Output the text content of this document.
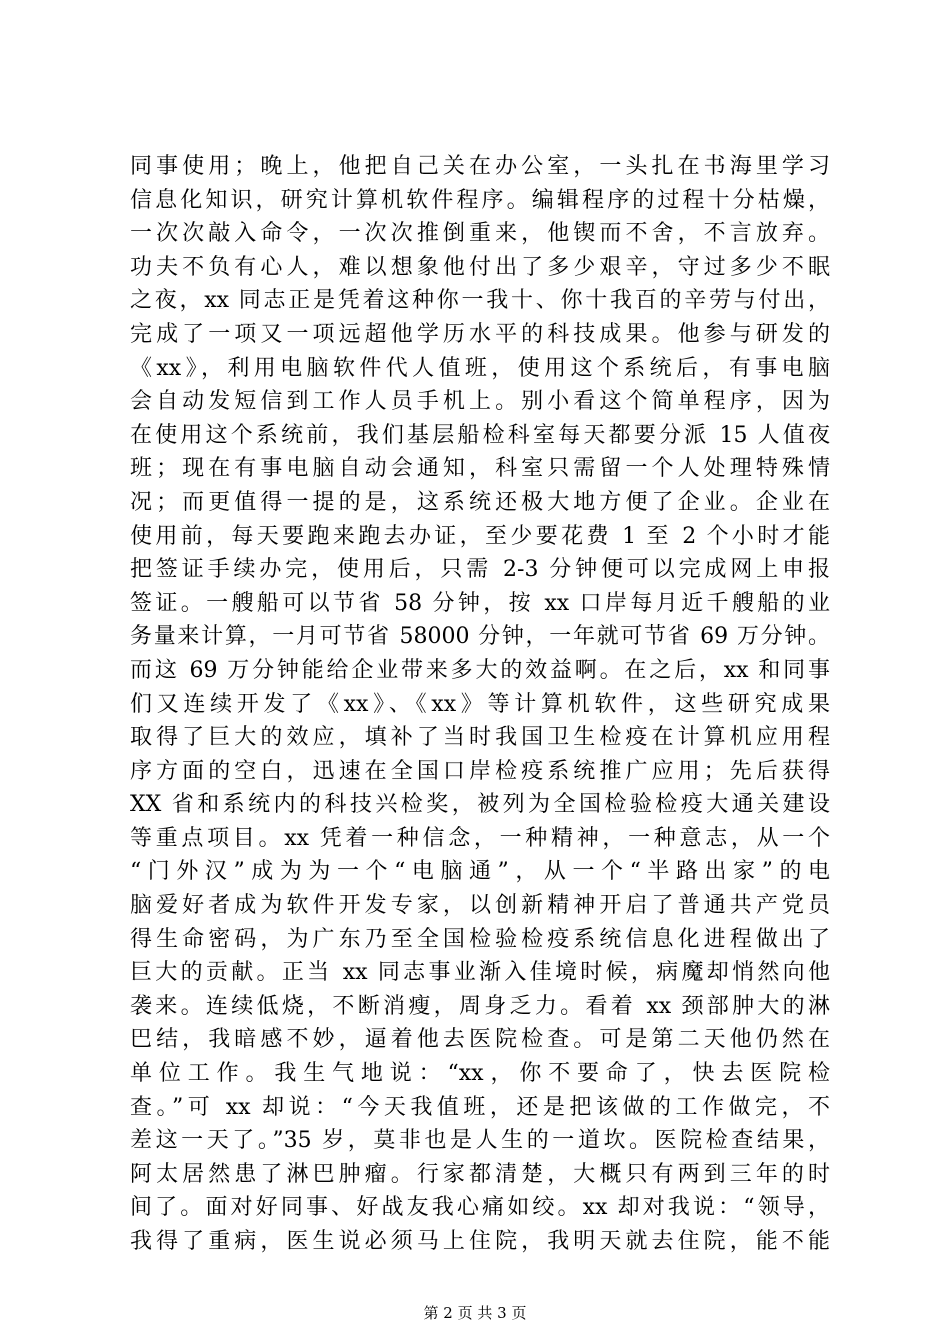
同事使用；晚上，他把自己关在办公室，一头扎在书海里学习
信息化知识，研究计算机软件程序。编辑程序的过程十分枯燥，
一次次敲入命令，一次次推倒重来，他锲而不舍，不言放弃。
功夫不负有心人，难以想象他付出了多少艰辛，守过多少不眠
之夜，xx 同志正是凭着这种你一我十、你十我百的辛劳与付出，
完成了一项又一项远超他学历水平的科技成果。他参与研发的
《xx》，利用电脑软件代人值班，使用这个系统后，有事电脑
会自动发短信到工作人员手机上。别小看这个简单程序，因为
在使用这个系统前，我们基层船检科室每天都要分派 15 人值夜
班；现在有事电脑自动会通知，科室只需留一个人处理特殊情
况；而更值得一提的是，这系统还极大地方便了企业。企业在
使用前，每天要跑来跑去办证，至少要花费 1 至 2 个小时才能
把签证手续办完，使用后，只需 2-3 分钟便可以完成网上申报
签证。一艘船可以节省 58 分钟，按 xx 口岸每月近千艘船的业
务量来计算，一月可节省 58000 分钟，一年就可节省 69 万分钟。
而这 69 万分钟能给企业带来多大的效益啊。在之后，xx 和同事
们又连续开发了《xx》、《xx》等计算机软件，这些研究成果
取得了巨大的效应，填补了当时我国卫生检疫在计算机应用程
序方面的空白，迅速在全国口岸检疫系统推广应用；先后获得
XX 省和系统内的科技兴检奖，被列为全国检验检疫大通关建设
等重点项目。xx 凭着一种信念，一种精神，一种意志，从一个
“门外汉”成为为一个“电脑通”，从一个“半路出家”的电
脑爱好者成为软件开发专家，以创新精神开启了普通共产党员
得生命密码，为广东乃至全国检验检疫系统信息化进程做出了
巨大的贡献。正当 xx 同志事业渐入佳境时候，病魔却悄然向他
袭来。连续低烧，不断消瘦，周身乏力。看着 xx 颈部肿大的淋
巴结，我暗感不妙，逼着他去医院检查。可是第二天他仍然在
单位工作。我生气地说：“xx，你不要命了，快去医院检
查。”可 xx 却说：“今天我值班，还是把该做的工作做完，不
差这一天了。”35 岁，莫非也是人生的一道坎。医院检查结果，
阿太居然患了淋巴肿瘤。行家都清楚，大概只有两到三年的时
间了。面对好同事、好战友我心痛如绞。xx 却对我说：“领导，
我得了重病，医生说必须马上住院，我明天就去住院，能不能
第 2 页 共 3 页
